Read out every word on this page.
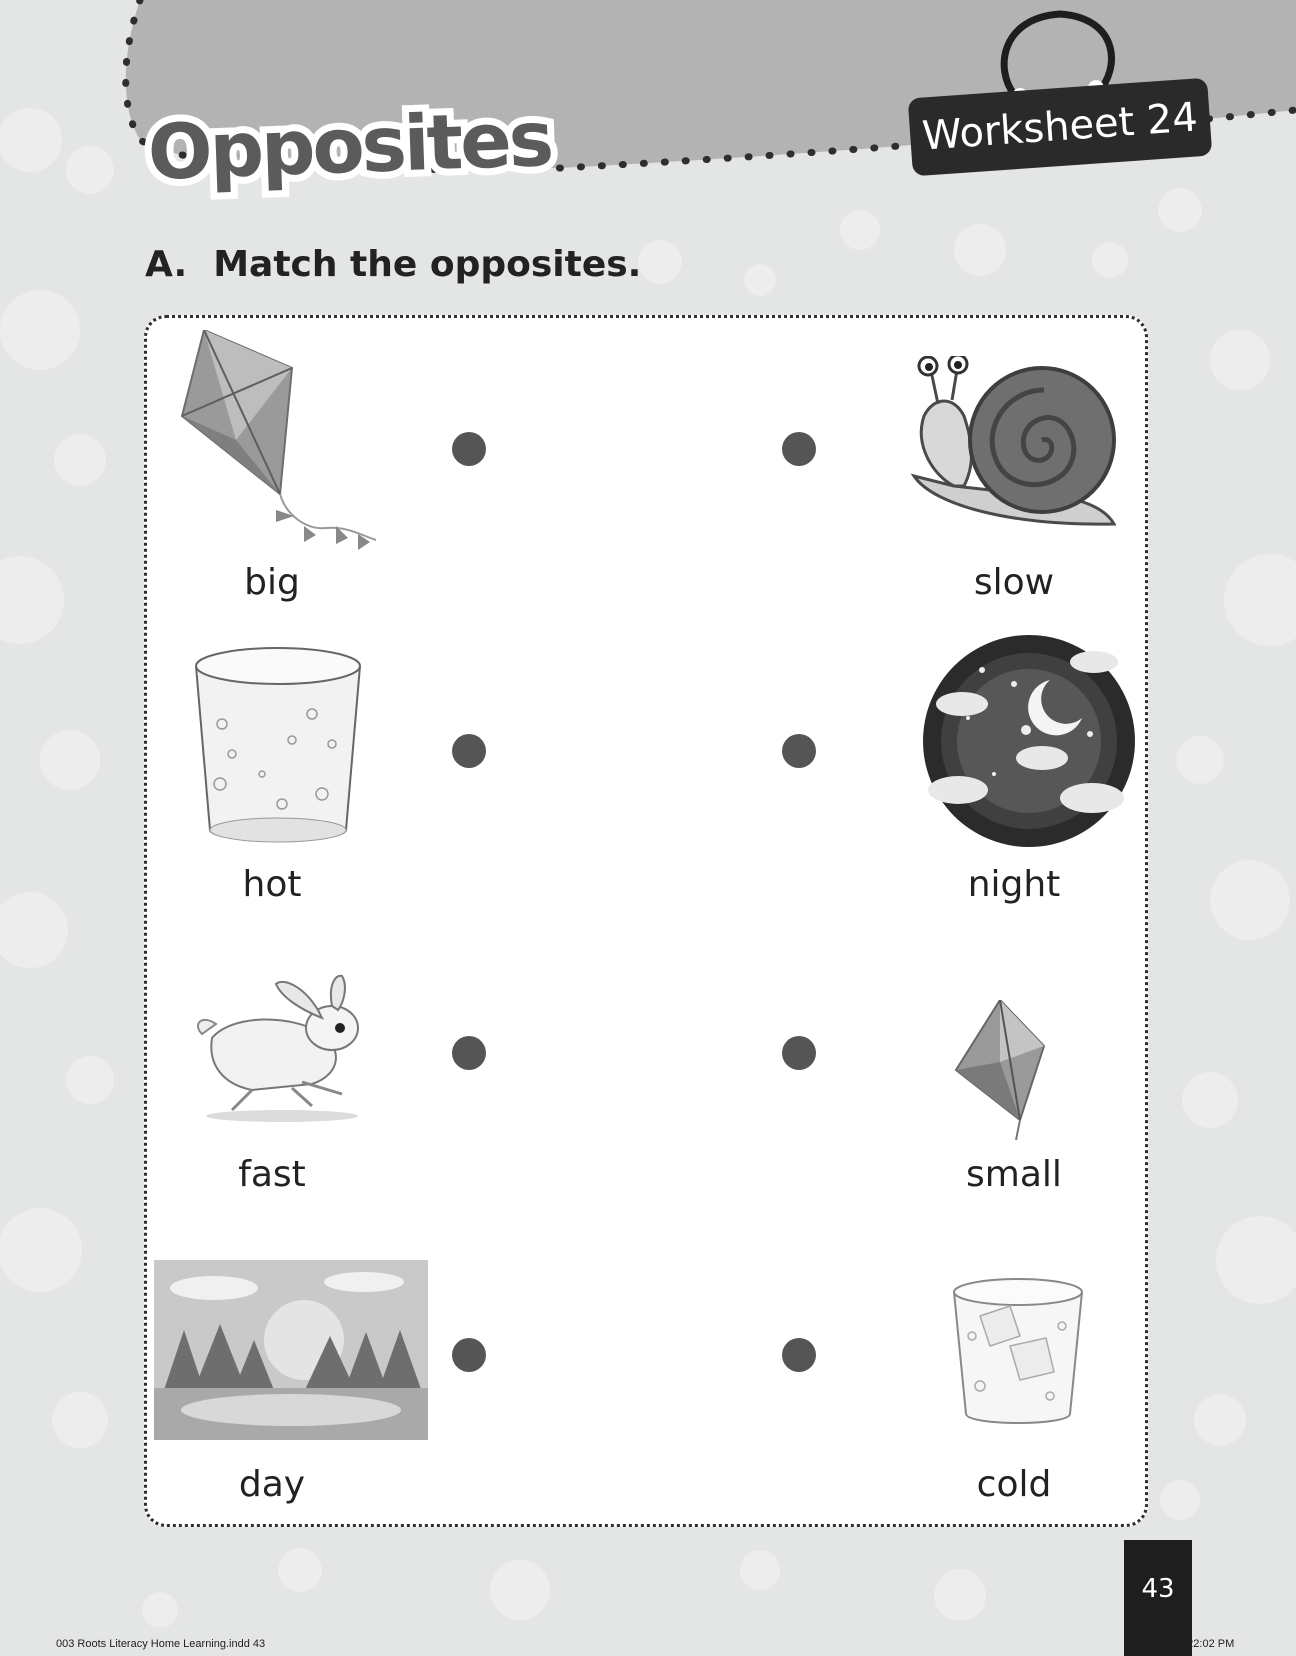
Opposites	Worksheet 24

A. Match the opposites.

big	slow
hot	night
fast	small
day	cold
43
003 Roots Literacy Home Learning.indd 43	6/18/2024 2:22:02 PM
